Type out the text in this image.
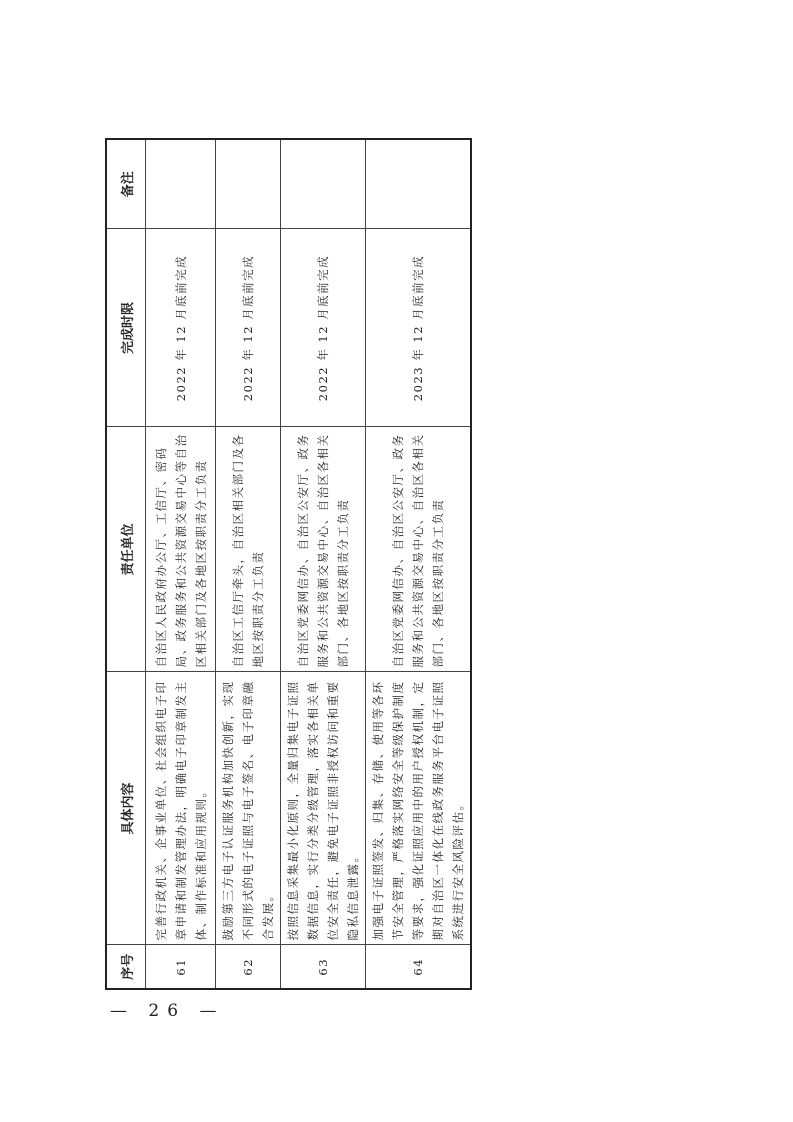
序号	具体内容	责任单位	完成时限	备注
61	完善行政机关、企事业单位、社会组织电子印章申请和制发管理办法，明确电子印章制发主体、制作标准和应用规则。	自治区人民政府办公厅、工信厅、密码局、政务服务和公共资源交易中心等自治区相关部门及各地区按职责分工负责	2022 年 12 月底前完成	
62	鼓励第三方电子认证服务机构加快创新，实现不同形式的电子证照与电子签名、电子印章融合发展。	自治区工信厅牵头，自治区相关部门及各地区按职责分工负责	2022 年 12 月底前完成	
63	按照信息采集最小化原则，全量归集电子证照数据信息，实行分类分级管理，落实各相关单位安全责任，避免电子证照非授权访问和重要隐私信息泄露。	自治区党委网信办、自治区公安厅、政务服务和公共资源交易中心、自治区各相关部门、各地区按职责分工负责	2022 年 12 月底前完成	
64	加强电子证照签发、归集、存储、使用等各环节安全管理，严格落实网络安全等级保护制度等要求，强化证照应用中的用户授权机制，定期对自治区一体化在线政务服务平台电子证照系统进行安全风险评估。	自治区党委网信办、自治区公安厅、政务服务和公共资源交易中心、自治区各相关部门、各地区按职责分工负责	2023 年 12 月底前完成	
— 26 —
